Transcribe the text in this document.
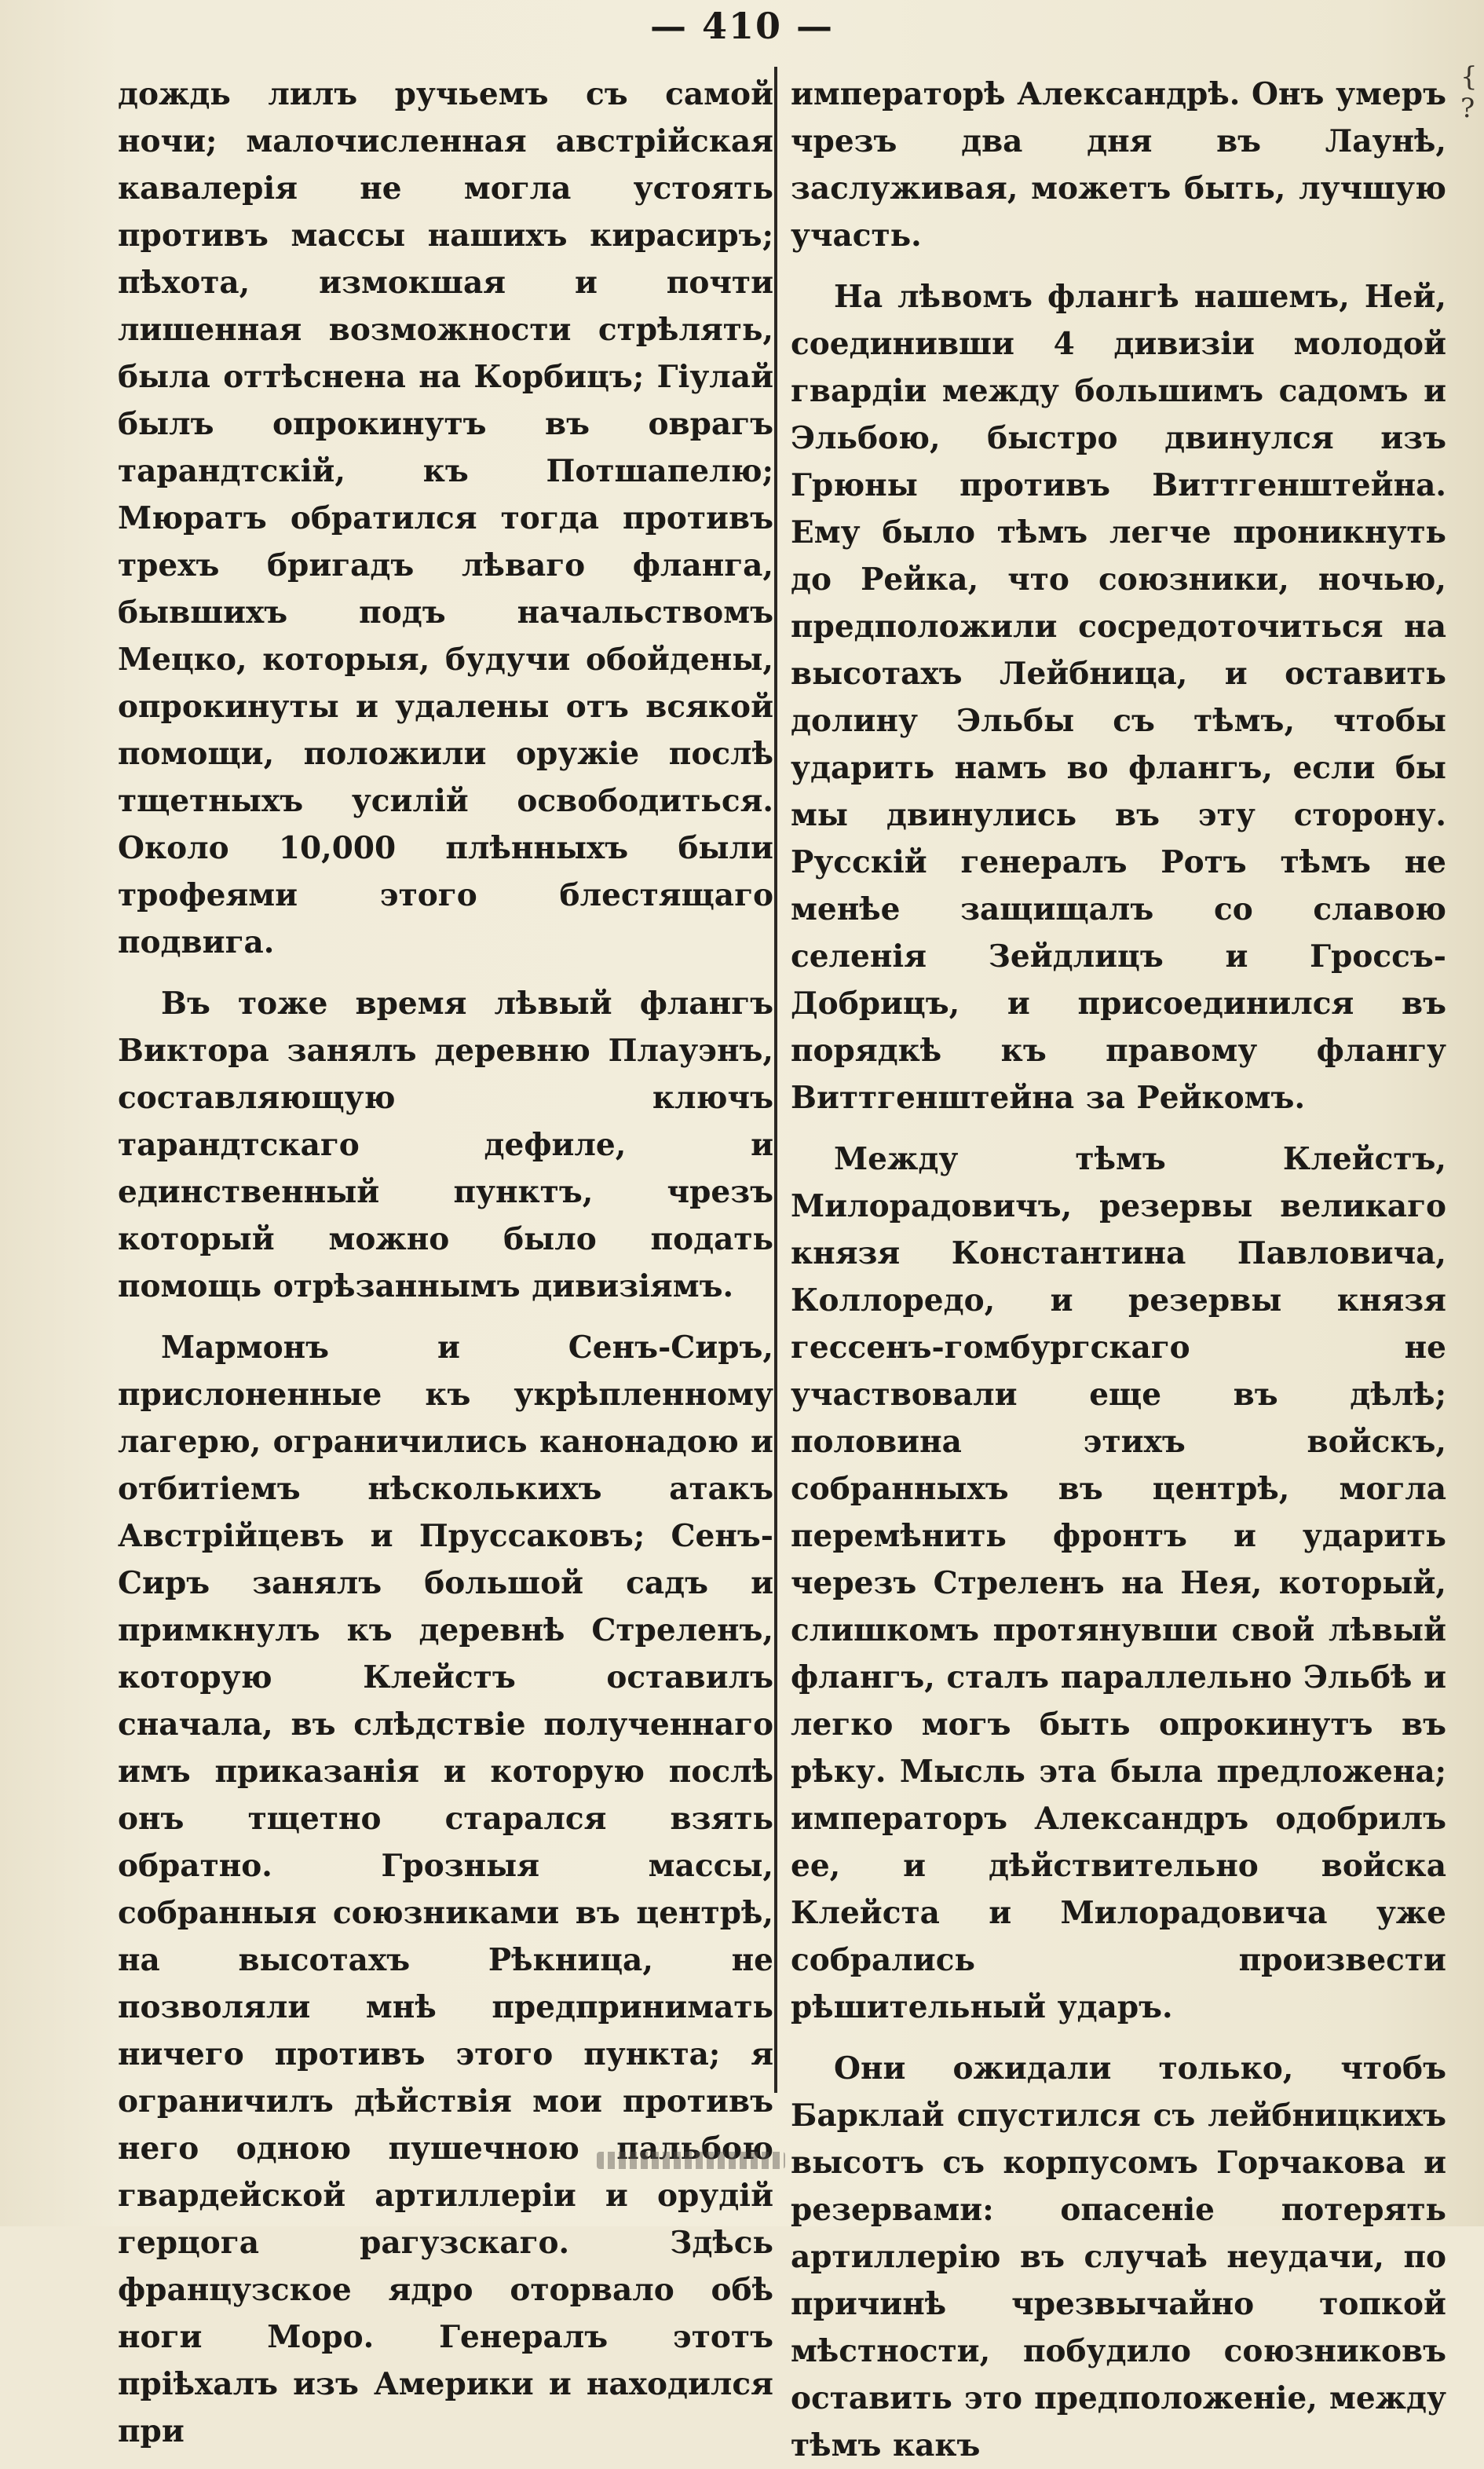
— 410 —
{ ?

дождь лилъ ручьемъ съ самой ночи; малочисленная австрійская кавалерія не могла устоять противъ массы нашихъ кирасиръ; пѣхота, измокшая и почти лишенная возможности стрѣлять, была оттѣснена на Корбицъ; Гіулай былъ опрокинутъ въ оврагъ тарандтскій, къ Потшапелю; Мюратъ обратился тогда противъ трехъ бригадъ лѣваго фланга, бывшихъ подъ начальствомъ Мецко, которыя, будучи обойдены, опрокинуты и удалены отъ всякой помощи, положили оружіе послѣ тщетныхъ усилій освободиться. Около 10,000 плѣнныхъ были трофеями этого блестящаго подвига.

Въ тоже время лѣвый флангъ Виктора занялъ деревню Плауэнъ, составляющую ключъ тарандтскаго дефиле, и единственный пунктъ, чрезъ который можно было подать помощь отрѣзаннымъ дивизіямъ.

Мармонъ и Сенъ-Сиръ, прислоненные къ укрѣпленному лагерю, ограничились канонадою и отбитіемъ нѣсколькихъ атакъ Австрійцевъ и Пруссаковъ; Сенъ-Сиръ занялъ большой садъ и примкнулъ къ деревнѣ Стреленъ, которую Клейстъ оставилъ сначала, въ слѣдствіе полученнаго имъ приказанія и которую послѣ онъ тщетно старался взять обратно. Грозныя массы, собранныя союзниками въ центрѣ, на высотахъ Рѣкница, не позволяли мнѣ предпринимать ничего противъ этого пункта; я ограничилъ дѣйствія мои противъ него одною пушечною пальбою гвардейской артиллеріи и орудій герцога рагузскаго. Здѣсь французское ядро оторвало обѣ ноги Моро. Генералъ этотъ пріѣхалъ изъ Америки и находился при

императорѣ Александрѣ. Онъ умеръ чрезъ два дня въ Лаунѣ, заслуживая, можетъ быть, лучшую участь.

На лѣвомъ флангѣ нашемъ, Ней, соединивши 4 дивизіи молодой гвардіи между большимъ садомъ и Эльбою, быстро двинулся изъ Грюны противъ Виттгенштейна. Ему было тѣмъ легче проникнуть до Рейка, что союзники, ночью, предположили сосредоточиться на высотахъ Лейбница, и оставить долину Эльбы съ тѣмъ, чтобы ударить намъ во флангъ, если бы мы двинулись въ эту сторону. Русскій генералъ Ротъ тѣмъ не менѣе защищалъ со славою селенія Зейдлицъ и Гроссъ-Добрицъ, и присоединился въ порядкѣ къ правому флангу Виттгенштейна за Рейкомъ.

Между тѣмъ Клейстъ, Милорадовичъ, резервы великаго князя Константина Павловича, Коллоредо, и резервы князя гессенъ-гомбургскаго не участвовали еще въ дѣлѣ; половина этихъ войскъ, собранныхъ въ центрѣ, могла перемѣнить фронтъ и ударить черезъ Стреленъ на Нея, который, слишкомъ протянувши свой лѣвый флангъ, сталъ параллельно Эльбѣ и легко могъ быть опрокинутъ въ рѣку. Мысль эта была предложена; императоръ Александръ одобрилъ ее, и дѣйствительно войска Клейста и Милорадовича уже собрались произвести рѣшительный ударъ.

Они ожидали только, чтобъ Барклай спустился съ лейбницкихъ высотъ съ корпусомъ Горчакова и резервами: опасеніе потерять артиллерію въ случаѣ неудачи, по причинѣ чрезвычайно топкой мѣстности, побудило союзниковъ оставить это предположеніе, между тѣмъ какъ
